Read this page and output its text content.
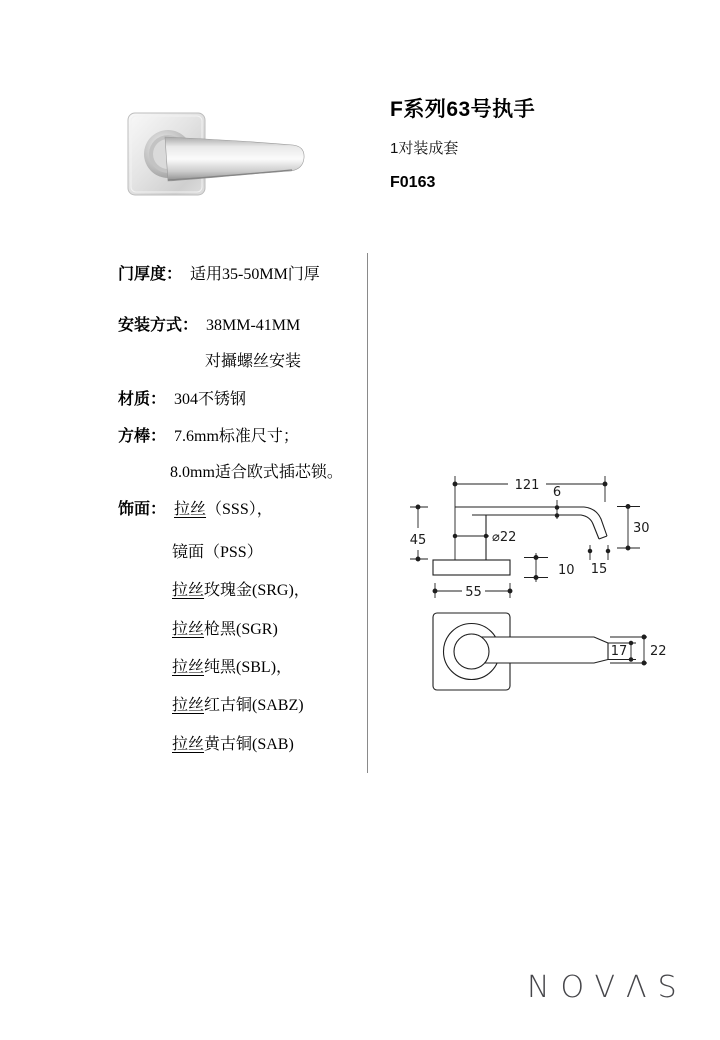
F系列63号执手

1对装成套

F0163

门厚度： 适用35-50MM门厚
安装方式： 38MM-41MM
对攝螺丝安装
材质： 304不锈钢
方棒： 7.6mm标准尺寸；
8.0mm适合欧式插芯锁。
饰面： 拉丝（SSS），
镜面（PSS）
拉丝玫瑰金(SRG)，
拉丝枪黑(SGR)
拉丝纯黑(SBL)，
拉丝红古铜(SABZ)
拉丝黄古铜(SAB)
121 6
45	⌀22
10 15
30
55
17 22
NOVΛS
